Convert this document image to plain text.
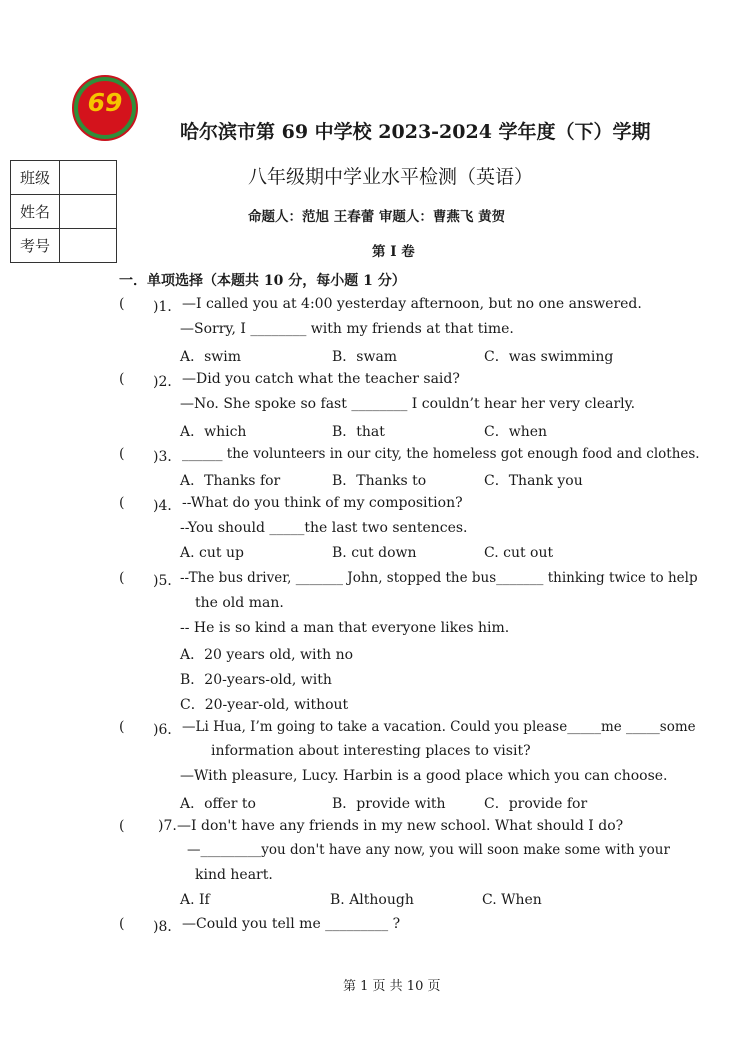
69
哈尔滨市第 69 中学校 2023-2024 学年度（下）学期
八年级期中学业水平检测（英语）
命题人：范旭 王春蕾 审题人：曹燕飞 黄贺
第 I 卷
班级	
姓名	
考号	
一．单项选择（本题共 10 分，每小题 1 分）
( )1． —I called you at 4:00 yesterday afternoon, but no one answered.
—Sorry, I ________ with my friends at that time.
A．swim	B．swam	C．was swimming
( )2． —Did you catch what the teacher said?
—No. She spoke so fast ________ I couldn’t hear her very clearly.
A．which	B．that	C．when
( )3． ______ the volunteers in our city, the homeless got enough food and clothes.
A．Thanks for	B．Thanks to	C．Thank you
( )4． --What do you think of my composition?
--You should _____the last two sentences.
A. cut up	B. cut down	C. cut out
( )5．
--The bus driver, _______ John, stopped the bus_______ thinking twice to help
the old man.
-- He is so kind a man that everyone likes him.
A．20 years old, with no
B．20-years-old, with
C．20-year-old, without
( )6． —Li Hua, I’m going to take a vacation. Could you please_____me _____some
information about interesting places to visit?
—With pleasure, Lucy. Harbin is a good place which you can choose.
A．offer to	B．provide with	C．provide for
( )7. —I don't have any friends in my new school. What should I do?
—_________you don't have any now, you will soon make some with your
kind heart.
A. If	B. Although	C. When
( )8． —Could you tell me _________ ?
第 1 页 共 10 页
